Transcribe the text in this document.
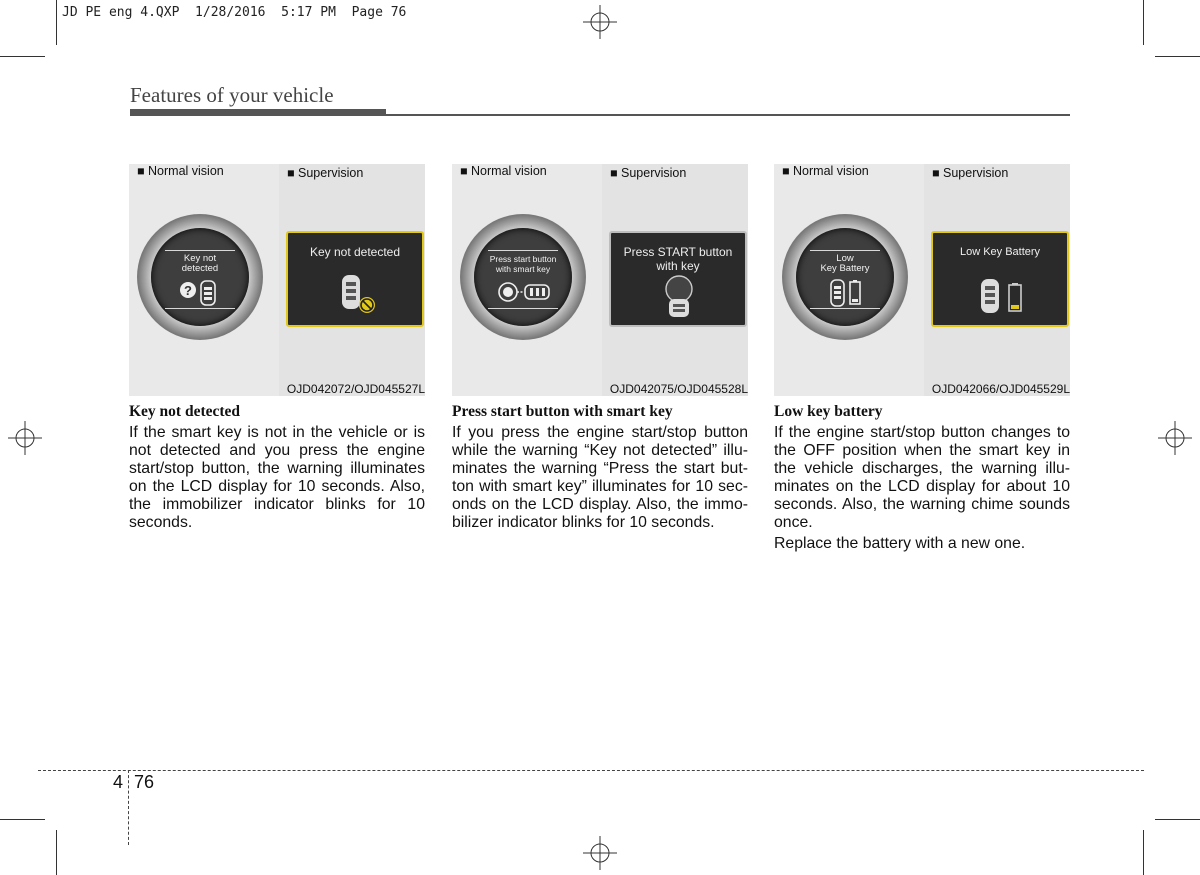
JD PE eng 4.QXP  1/28/2016  5:17 PM  Page 76
Features of your vehicle
■ Normal vision
Key not
detected
?
■ Supervision
Key not detected
OJD042072/OJD045527L
■ Normal vision
Press start button
with smart key
■ Supervision
Press START button
with key
OJD042075/OJD045528L
■ Normal vision
Low
Key Battery
■ Supervision
Low Key Battery
OJD042066/OJD045529L
Key not detected

If the smart key is not in the vehicle or is not detected and you press the engine start/stop button, the warning illuminates on the LCD display for 10 seconds. Also, the immobilizer indicator blinks for 10 seconds.

Press start button with smart key

If you press the engine start/stop button while the warning “Key not detected” illuminates the warning “Press the start button with smart key” illuminates for 10 seconds on the LCD display. Also, the immobilizer indicator blinks for 10 seconds.

Low key battery

If the engine start/stop button changes to the OFF position when the smart key in the vehicle discharges, the warning illuminates on the LCD display for about 10 seconds. Also, the warning chime sounds once.

Replace the battery with a new one.

4 76
